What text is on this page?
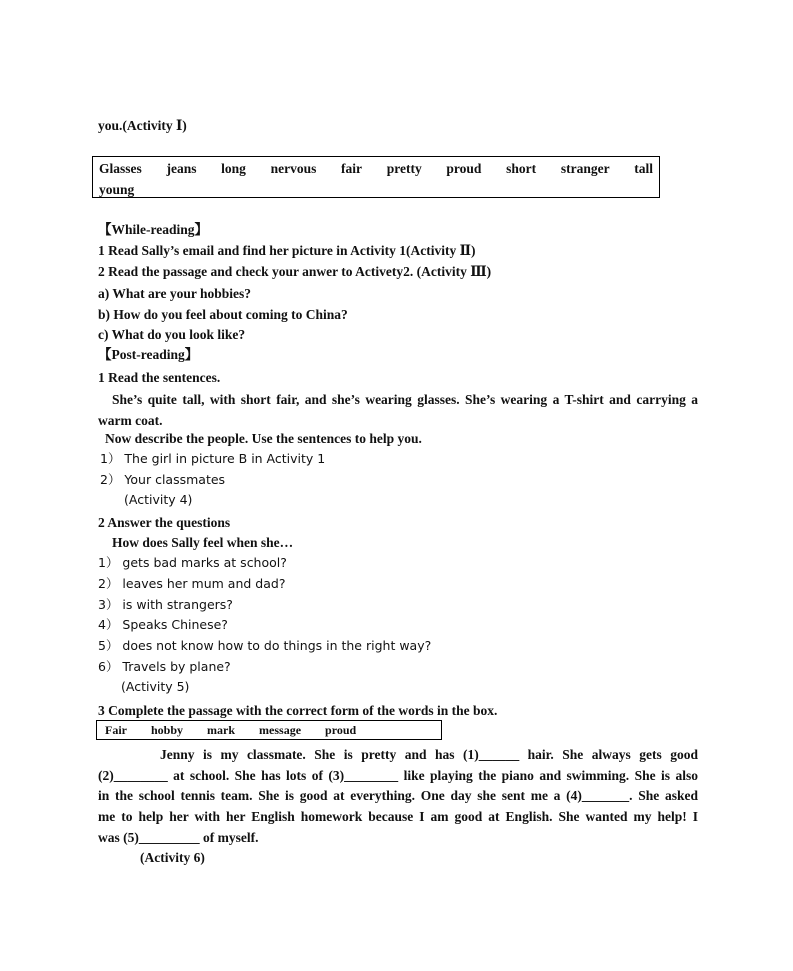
you.(Activity Ⅰ)
Glasses jeans long nervous fair pretty proud short stranger tall
young
【While-reading】
1 Read Sally’s email and find her picture in Activity 1(Activity Ⅱ)
2 Read the passage and check your anwer to Activety2. (Activity Ⅲ)
a) What are your hobbies?
b) How do you feel about coming to China?
c) What do you look like?
【Post-reading】
1 Read the sentences.
She’s quite tall, with short fair, and she’s wearing glasses. She’s wearing a T-shirt and carrying a
warm coat.
Now describe the people. Use the sentences to help you.
1） The girl in picture B in Activity 1
2） Your classmates
(Activity 4)
2 Answer the questions
How does Sally feel when she…
1） gets bad marks at school?
2） leaves her mum and dad?
3） is with strangers?
4） Speaks Chinese?
5） does not know how to do things in the right way?
6） Travels by plane?
(Activity 5)
3 Complete the passage with the correct form of the words in the box.
Fair hobby mark message proud
Jenny is my classmate. She is pretty and has (1)______ hair. She always gets good
(2)________ at school. She has lots of (3)________ like playing the piano and swimming. She is also
in the school tennis team. She is good at everything. One day she sent me a (4)_______. She asked
me to help her with her English homework because I am good at English. She wanted my help! I
was (5)_________ of myself.
(Activity 6)
